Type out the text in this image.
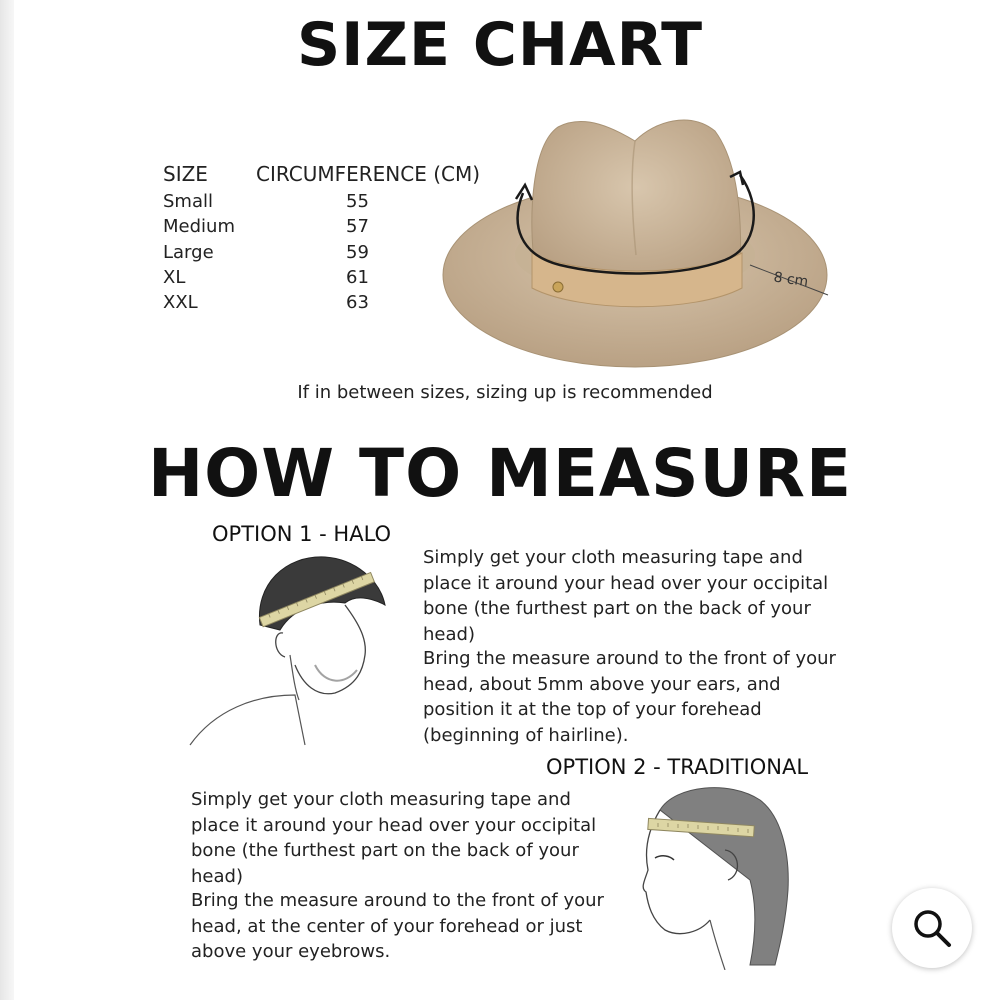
SIZE CHART
SIZE CIRCUMFERENCE (CM)
Small	55
Medium	57
Large	59
XL	61
XXL	63
8 cm
If in between sizes, sizing up is recommended
HOW TO MEASURE
OPTION 1 - HALO

Simply get your cloth measuring tape and place it around your head over your occipital bone (the furthest part on the back of your head)

Bring the measure around to the front of your head, about 5mm above your ears, and position it at the top of your forehead (beginning of hairline).

OPTION 2 - TRADITIONAL

Simply get your cloth measuring tape and place it around your head over your occipital bone (the furthest part on the back of your head)

Bring the measure around to the front of your head, at the center of your forehead or just above your eyebrows.
